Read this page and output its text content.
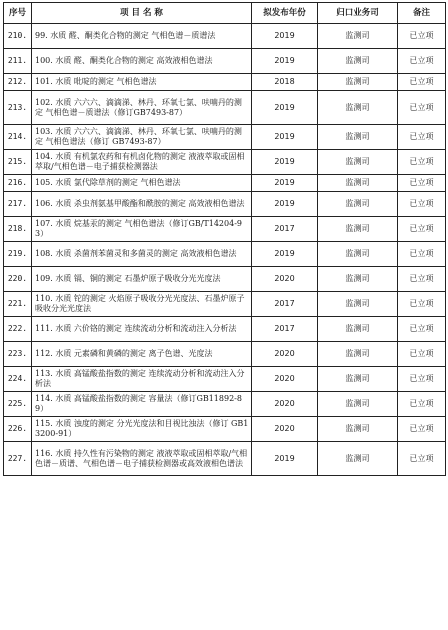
序号	项 目 名 称	拟发布年份	归口业务司	备注
210.	99. 水质 醛、酮类化合物的测定 气相色谱－质谱法	2019	监测司	已立项
211.	100. 水质 醛、酮类化合物的测定 高效液相色谱法	2019	监测司	已立项
212.	101. 水质 吡啶的测定 气相色谱法	2018	监测司	已立项
213.	102. 水质 六六六、滴滴涕、林丹、环氧七氯、呋喃丹的测定 气相色谱－质谱法（修订GB7493-87）	2019	监测司	已立项
214.	103. 水质 六六六、滴滴涕、林丹、环氧七氯、呋喃丹的测定 气相色谱法（修订 GB7493-87）	2019	监测司	已立项
215.	104. 水质 有机氯农药和有机卤化物的测定 液液萃取或固相萃取/气相色谱－电子捕获检测器法	2019	监测司	已立项
216.	105. 水质 氯代除草剂的测定 气相色谱法	2019	监测司	已立项
217.	106. 水质 杀虫剂氨基甲酸酯和酰胺的测定 高效液相色谱法	2019	监测司	已立项
218.	107. 水质 烷基汞的测定 气相色谱法（修订GB/T14204-93）	2017	监测司	已立项
219.	108. 水质 杀菌剂苯菌灵和多菌灵的测定 高效液相色谱法	2019	监测司	已立项
220.	109. 水质 镉、铜的测定 石墨炉原子吸收分光光度法	2020	监测司	已立项
221.	110. 水质 铊的测定 火焰原子吸收分光光度法、石墨炉原子吸收分光光度法	2017	监测司	已立项
222.	111. 水质 六价铬的测定 连续流动分析和流动注入分析法	2017	监测司	已立项
223.	112. 水质 元素磷和黄磷的测定 离子色谱、光度法	2020	监测司	已立项
224.	113. 水质 高锰酸盐指数的测定 连续流动分析和流动注入分析法	2020	监测司	已立项
225.	114. 水质 高锰酸盐指数的测定 容量法（修订GB11892-89）	2020	监测司	已立项
226.	115. 水质 浊度的测定 分光光度法和目视比浊法（修订 GB13200-91）	2020	监测司	已立项
227.	116. 水质 持久性有污染物的测定 液液萃取或固相萃取/气相色谱－质谱、气相色谱－电子捕获检测器或高效液相色谱法	2019	监测司	已立项
